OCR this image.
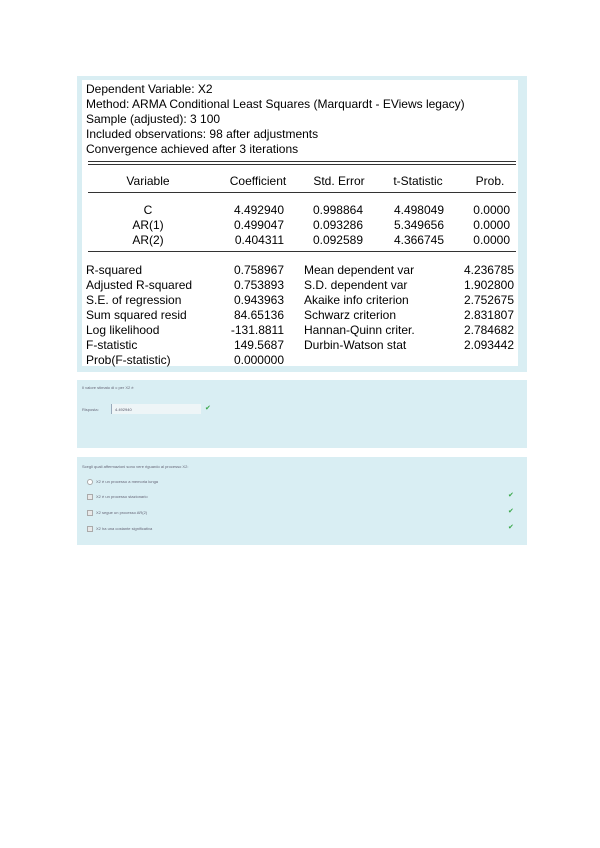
Dependent Variable: X2
Method: ARMA Conditional Least Squares (Marquardt - EViews legacy)
Sample (adjusted): 3 100
Included observations: 98 after adjustments
Convergence achieved after 3 iterations
Variable	Coefficient Std. Error t-Statistic	Prob.
C	4.492940 0.998864	4.498049 0.0000
AR(1)	0.499047 0.093286	5.349656 0.0000
AR(2)	0.404311 0.092589	4.366745 0.0000
R-squared	0.758967
Adjusted R-squared	0.753893
S.E. of regression	0.943963
Sum squared resid	84.65136
Log likelihood	-131.8811
F-statistic	149.5687
Prob(F-statistic)	0.000000
Mean dependent var	4.236785
S.D. dependent var	1.902800
Akaike info criterion	2.752675
Schwarz criterion	2.831807
Hannan-Quinn criter.	2.784682
Durbin-Watson stat	2.093442
Il valore stimato di c per X2 è
Risposta:
4.492940	✔
Scegli quali affermazioni sono vere riguardo al processo X2:
X2 è un processo a memoria lunga
X2 è un processo stazionario	✔
X2 segue un processo AR(2)	✔
X2 ha una costante significativa	✔
